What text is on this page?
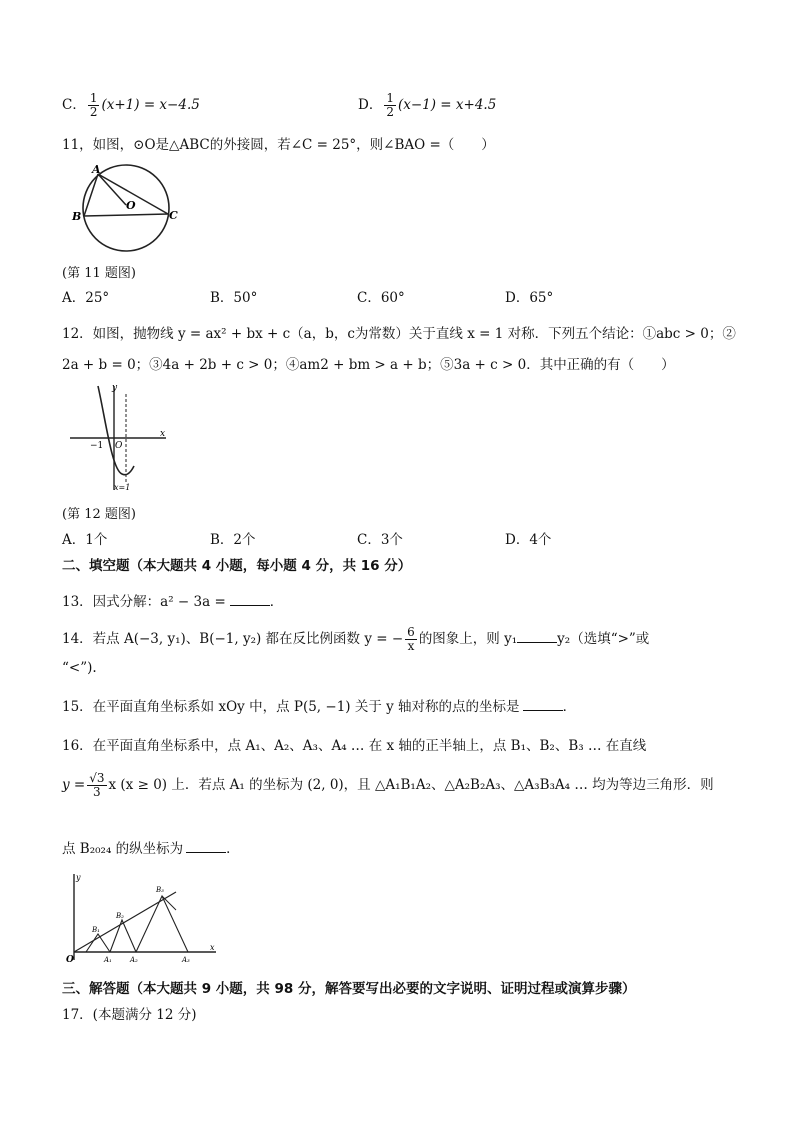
C． $\frac{1}{2} (x+1) = x-4.5$	D． $\frac{1}{2} (x-1) = x+4.5$
11，如图，⊙O是△ABC的外接圆，若∠C = 25°，则∠BAO =（　　）
A
B	C
O
(第 11 题图)
A．25°	B．50°	C．60°	D．65°
12．如图，抛物线 y = ax² + bx + c（a，b，c为常数）关于直线 x = 1 对称．下列五个结论：①abc > 0；②
2a + b = 0；③4a + 2b + c > 0；④am2 + bm > a + b；⑤3a + c > 0．其中正确的有（　　）
y
x
O
−1
x=1
(第 12 题图)
A．1个	B．2个	C．3个	D．4个
二、填空题（本大题共 4 小题，每小题 4 分，共 16 分）
13．因式分解：a² − 3a =	．
14．若点 A(−3, y₁)、B(−1, y₂) 都在反比例函数 y = − $\frac{6}{x}$ 的图象上，则 y₁	y₂（选填“>”或
“<”).
15．在平面直角坐标系如 xOy 中，点 P(5, −1) 关于 y 轴对称的点的坐标是	．
16．在平面直角坐标系中，点 A₁、A₂、A₃、A₄ … 在 x 轴的正半轴上，点 B₁、B₂、B₃ … 在直线
$y = \frac{√3}{3}$ x (x ≥ 0) 上．若点 A₁ 的坐标为 (2, 0)，且 △A₁B₁A₂、△A₂B₂A₃、△A₃B₃A₄ … 均为等边三角形．则
点 B₂₀₂₄ 的纵坐标为	．
y
x
O
B₁
B₂
B₃
A₁	A₂	A₃
三、解答题（本大题共 9 小题，共 98 分，解答要写出必要的文字说明、证明过程或演算步骤）
17．(本题满分 12 分)
